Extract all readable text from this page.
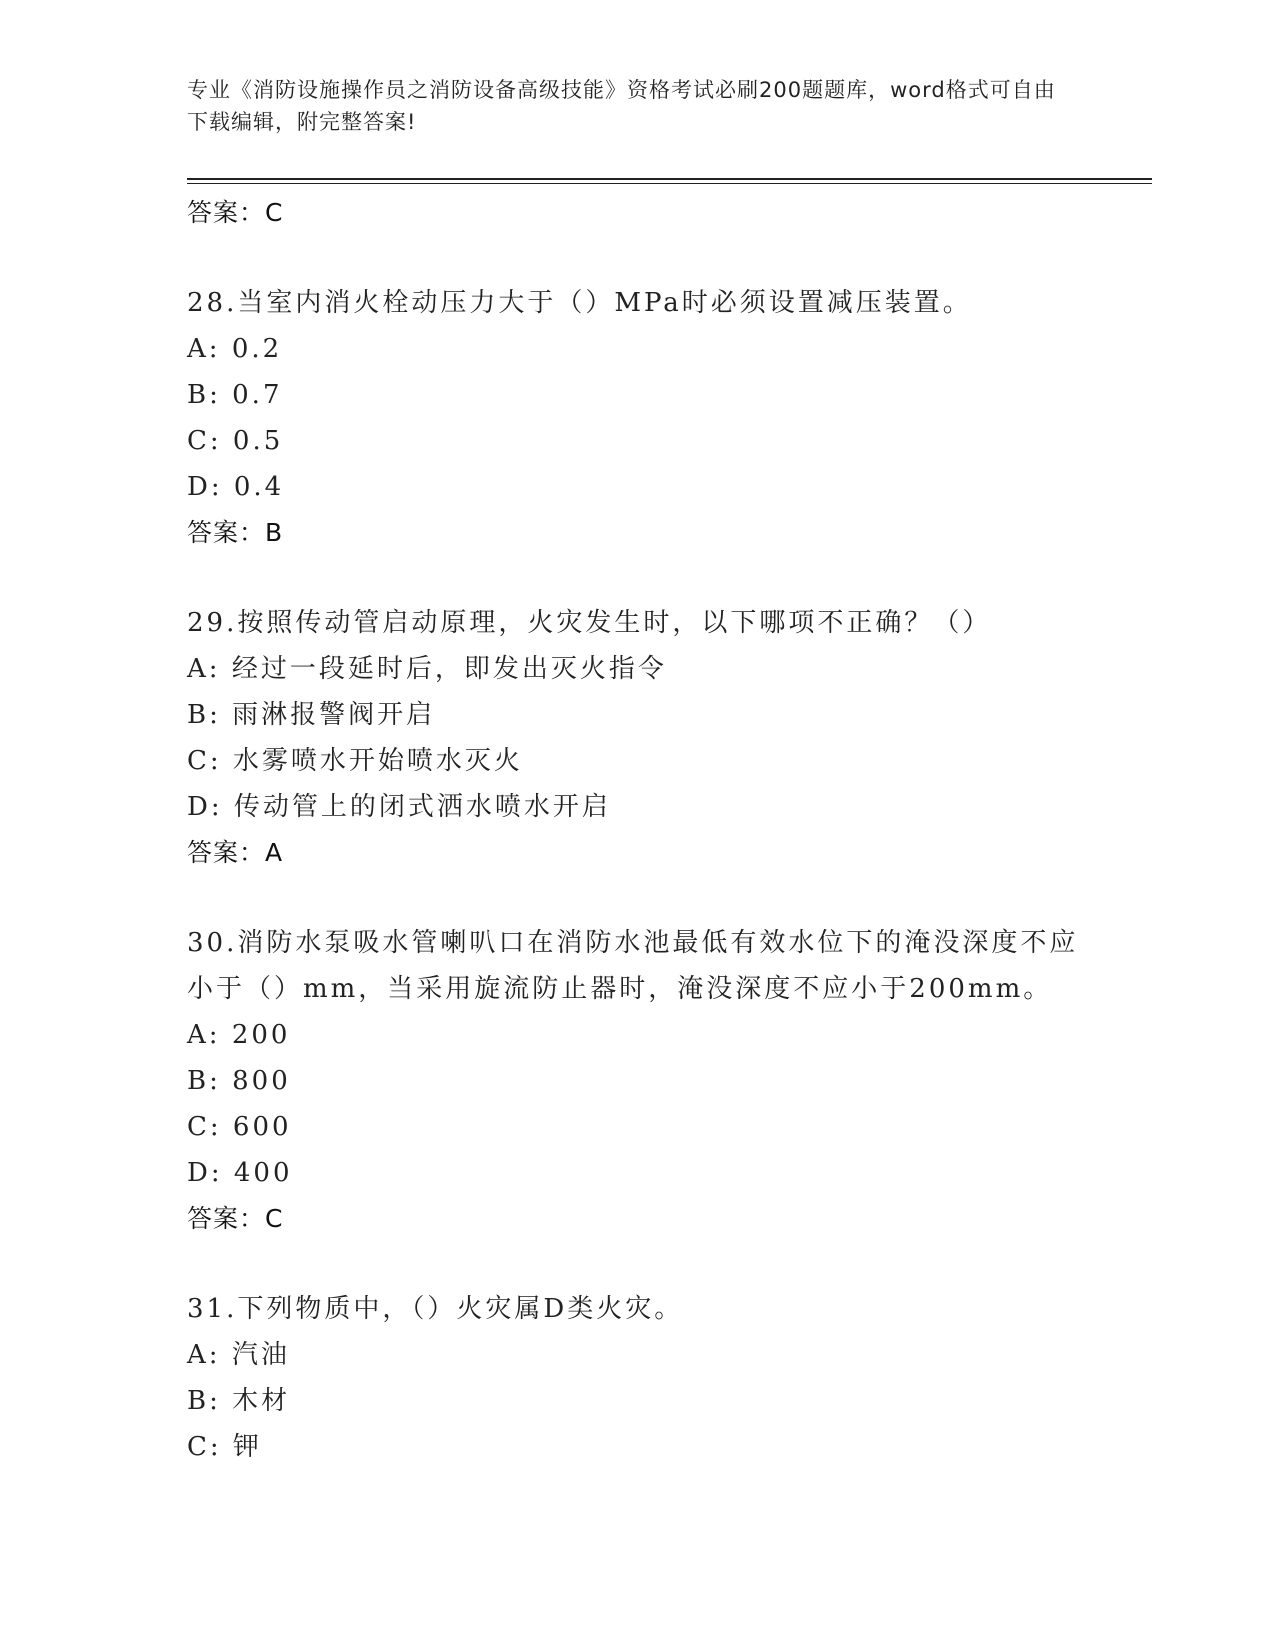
专业《消防设施操作员之消防设备高级技能》资格考试必刷200题题库，word格式可自由下载编辑，附完整答案!
答案：C
28.当室内消火栓动压力大于（）MPa时必须设置减压装置。
A: 0.2
B: 0.7
C: 0.5
D: 0.4
答案：B
29.按照传动管启动原理，火灾发生时，以下哪项不正确？（）
A: 经过一段延时后，即发出灭火指令
B: 雨淋报警阀开启
C: 水雾喷水开始喷水灭火
D: 传动管上的闭式洒水喷水开启
答案：A
30.消防水泵吸水管喇叭口在消防水池最低有效水位下的淹没深度不应小于（）mm，当采用旋流防止器时，淹没深度不应小于200mm。
A: 200
B: 800
C: 600
D: 400
答案：C
31.下列物质中，（）火灾属D类火灾。
A: 汽油
B: 木材
C: 钾
